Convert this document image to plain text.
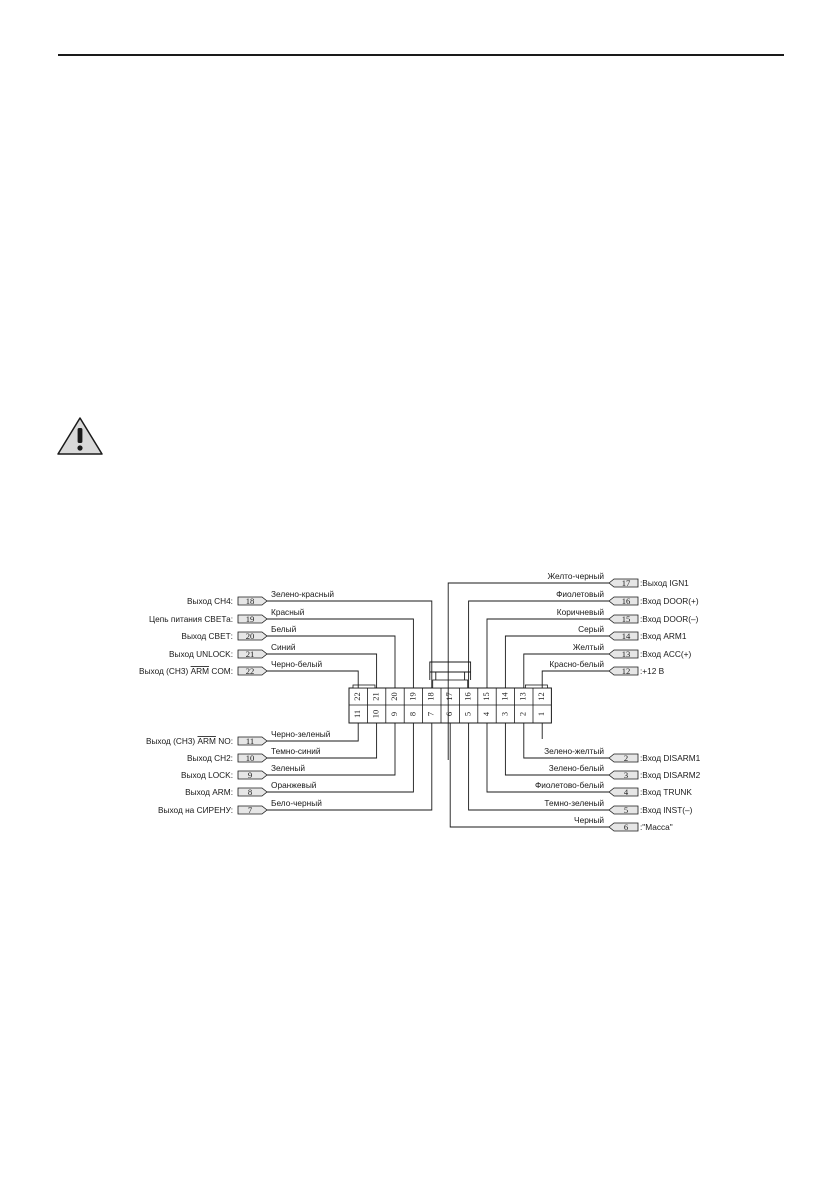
22 21 20 19 18 17 16 15 14 13 12
11 10 9 8 7 6 5 4 3 2 1
Выход CH4: 18
Зелено-красный
Цепь питания СВЕТа: 19
Красный
Выход СВЕТ: 20
Белый
Выход UNLOCK: 21
Синий
Выход (CH3) ARM COM: 22
Черно-белый
Выход (CH3) ARM NO: 11
Черно-зеленый
Выход CH2: 10
Темно-синий
Выход LOCK: 9
Зеленый
Выход ARM: 8
Оранжевый
Выход на СИРЕНУ: 7
Бело-черный
17 :Выход IGN1
Желто-черный
16 :Вход DOOR(+)
Фиолетовый
15 :Вход DOOR(–)
Коричневый
14 :Вход ARM1
Серый
13 :Вход ACC(+)
Желтый
12 :+12 В
Красно-белый
2 :Вход DISARM1
Зелено-желтый
3 :Вход DISARM2
Зелено-белый
4 :Вход TRUNK
Фиолетово-белый
5 :Вход INST(–)
Темно-зеленый
6 :"Масса"
Черный
